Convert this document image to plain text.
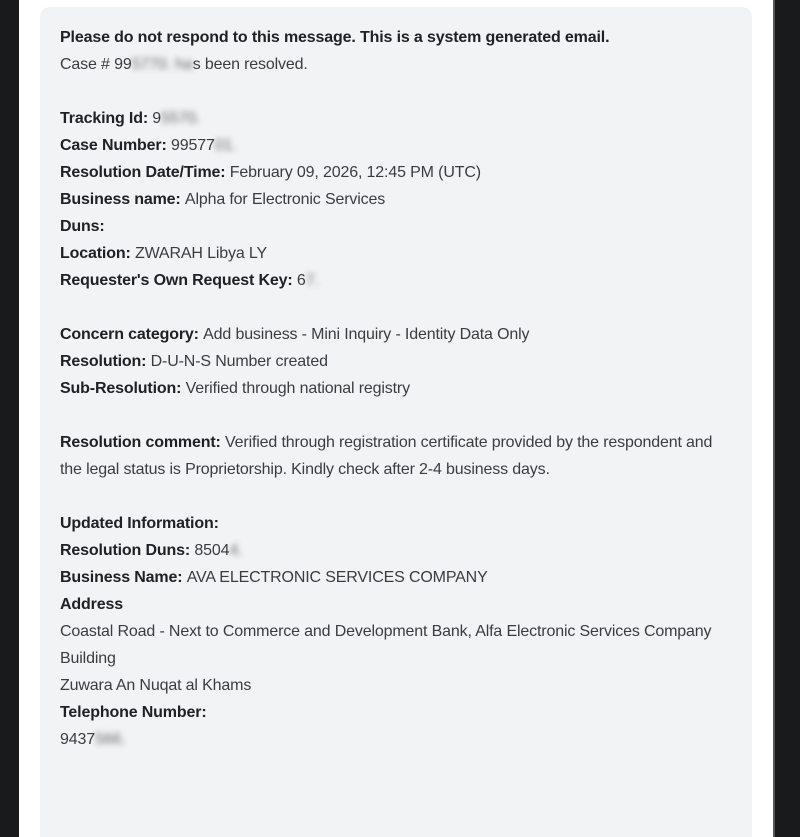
Please do not respond to this message. This is a system generated email.

Case # 995770. has been resolved.

Tracking Id: 95570.

Case Number: 9957701.

Resolution Date/Time: February 09, 2026, 12:45 PM (UTC)

Business name: Alpha for Electronic Services

Duns:

Location: ZWARAH Libya LY

Requester's Own Request Key: 67.

Concern category: Add business - Mini Inquiry - Identity Data Only

Resolution: D-U-N-S Number created

Sub-Resolution: Verified through national registry

Resolution comment: Verified through registration certificate provided by the respondent and the legal status is Proprietorship. Kindly check after 2-4 business days.

Updated Information:

Resolution Duns: 85044.

Business Name: AVA ELECTRONIC SERVICES COMPANY

Address

Coastal Road - Next to Commerce and Development Bank, Alfa Electronic Services Company Building

Zuwara An Nuqat al Khams

Telephone Number:

9437566.
